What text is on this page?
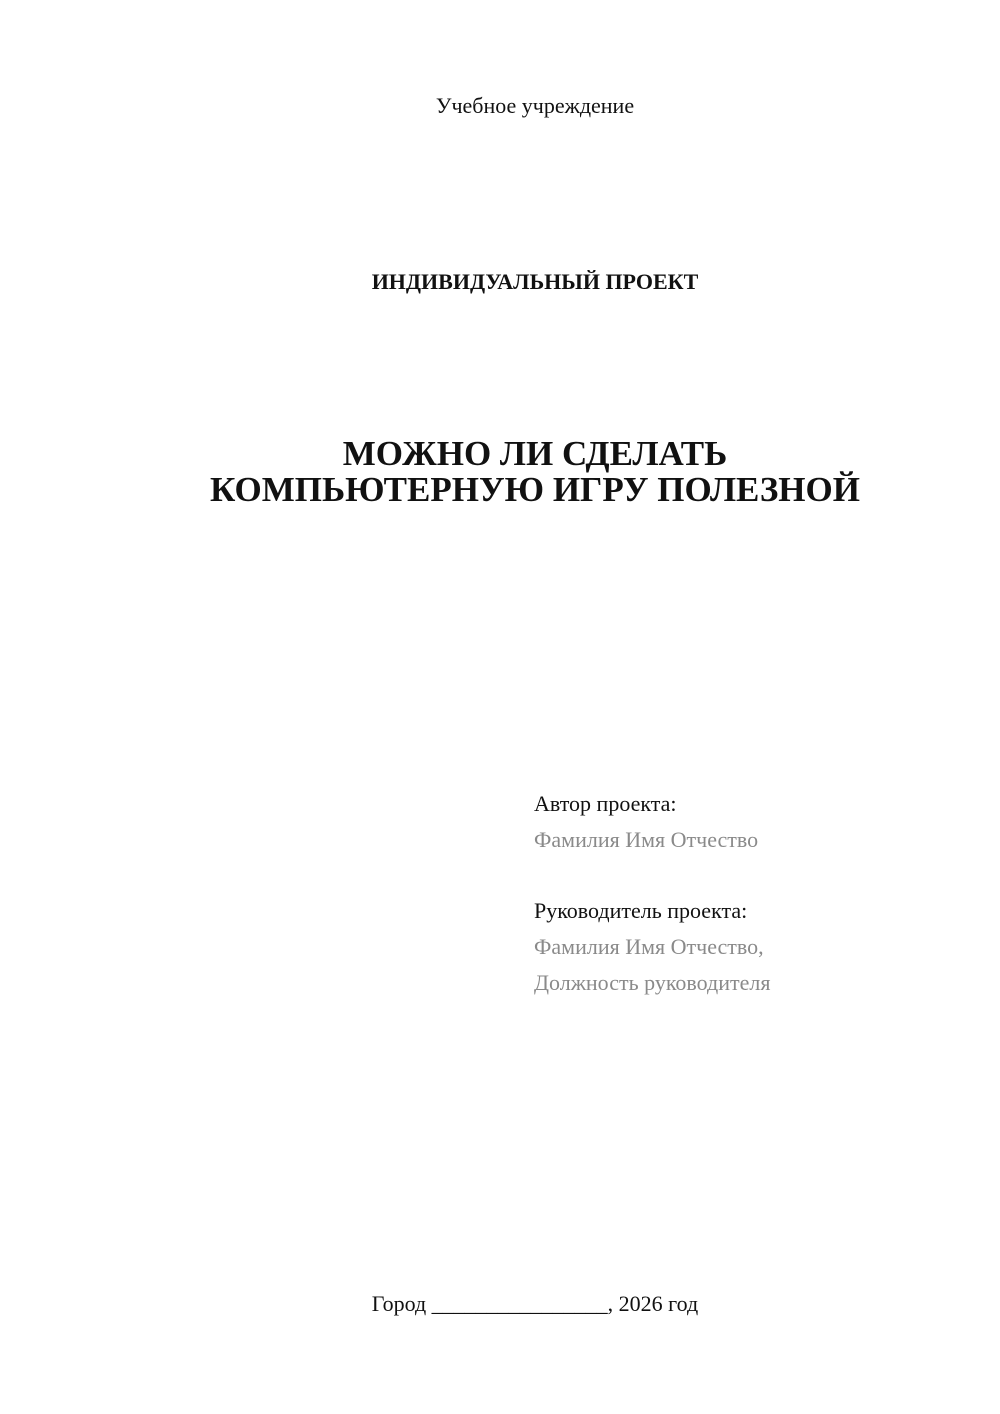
Учебное учреждение
ИНДИВИДУАЛЬНЫЙ ПРОЕКТ
МОЖНО ЛИ СДЕЛАТЬ
КОМПЬЮТЕРНУЮ ИГРУ ПОЛЕЗНОЙ
Автор проекта:
Фамилия Имя Отчество
Руководитель проекта:
Фамилия Имя Отчество,
Должность руководителя
Город ________________, 2026 год
